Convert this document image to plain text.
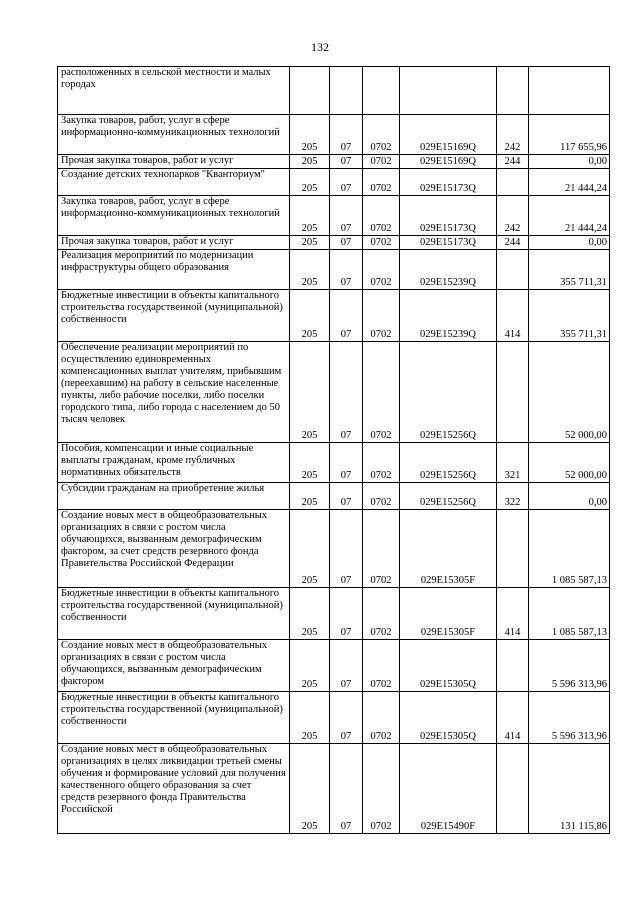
132
расположенных в сельской местности и малых городах						
Закупка товаров, работ, услуг в сфере информационно-коммуникационных технологий	205	07	0702	029E15169Q	242	117 655,96
Прочая закупка товаров, работ и услуг	205	07	0702	029E15169Q	244	0,00
Создание детских технопарков "Кванториум"	205	07	0702	029E15173Q		21 444,24
Закупка товаров, работ, услуг в сфере информационно-коммуникационных технологий	205	07	0702	029E15173Q	242	21 444,24
Прочая закупка товаров, работ и услуг	205	07	0702	029E15173Q	244	0,00
Реализация мероприятий по модернизации инфраструктуры общего образования	205	07	0702	029E15239Q		355 711,31
Бюджетные инвестиции в объекты капитального строительства государственной (муниципальной) собственности	205	07	0702	029E15239Q	414	355 711,31
Обеспечение реализации мероприятий по осуществлению единовременных компенсационных выплат учителям, прибывшим (переехавшим) на работу в сельские населенные пункты, либо рабочие поселки, либо поселки городского типа, либо города с населением до 50 тысяч человек	205	07	0702	029E15256Q		52 000,00
Пособия, компенсации и иные социальные выплаты гражданам, кроме публичных нормативных обязательств	205	07	0702	029E15256Q	321	52 000,00
Субсидии гражданам на приобретение жилья	205	07	0702	029E15256Q	322	0,00
Создание новых мест в общеобразовательных организациях в связи с ростом числа обучающихся, вызванным демографическим фактором, за счет средств резервного фонда Правительства Российской Федерации	205	07	0702	029E15305F		1 085 587,13
Бюджетные инвестиции в объекты капитального строительства государственной (муниципальной) собственности	205	07	0702	029E15305F	414	1 085 587,13
Создание новых мест в общеобразовательных организациях в связи с ростом числа обучающихся, вызванным демографическим фактором	205	07	0702	029E15305Q		5 596 313,96
Бюджетные инвестиции в объекты капитального строительства государственной (муниципальной) собственности	205	07	0702	029E15305Q	414	5 596 313,96
Создание новых мест в общеобразовательных организациях в целях ликвидации третьей смены обучения и формирование условий для получения качественного общего образования за счет средств резервного фонда Правительства Российской	205	07	0702	029E15490F		131 115,86
